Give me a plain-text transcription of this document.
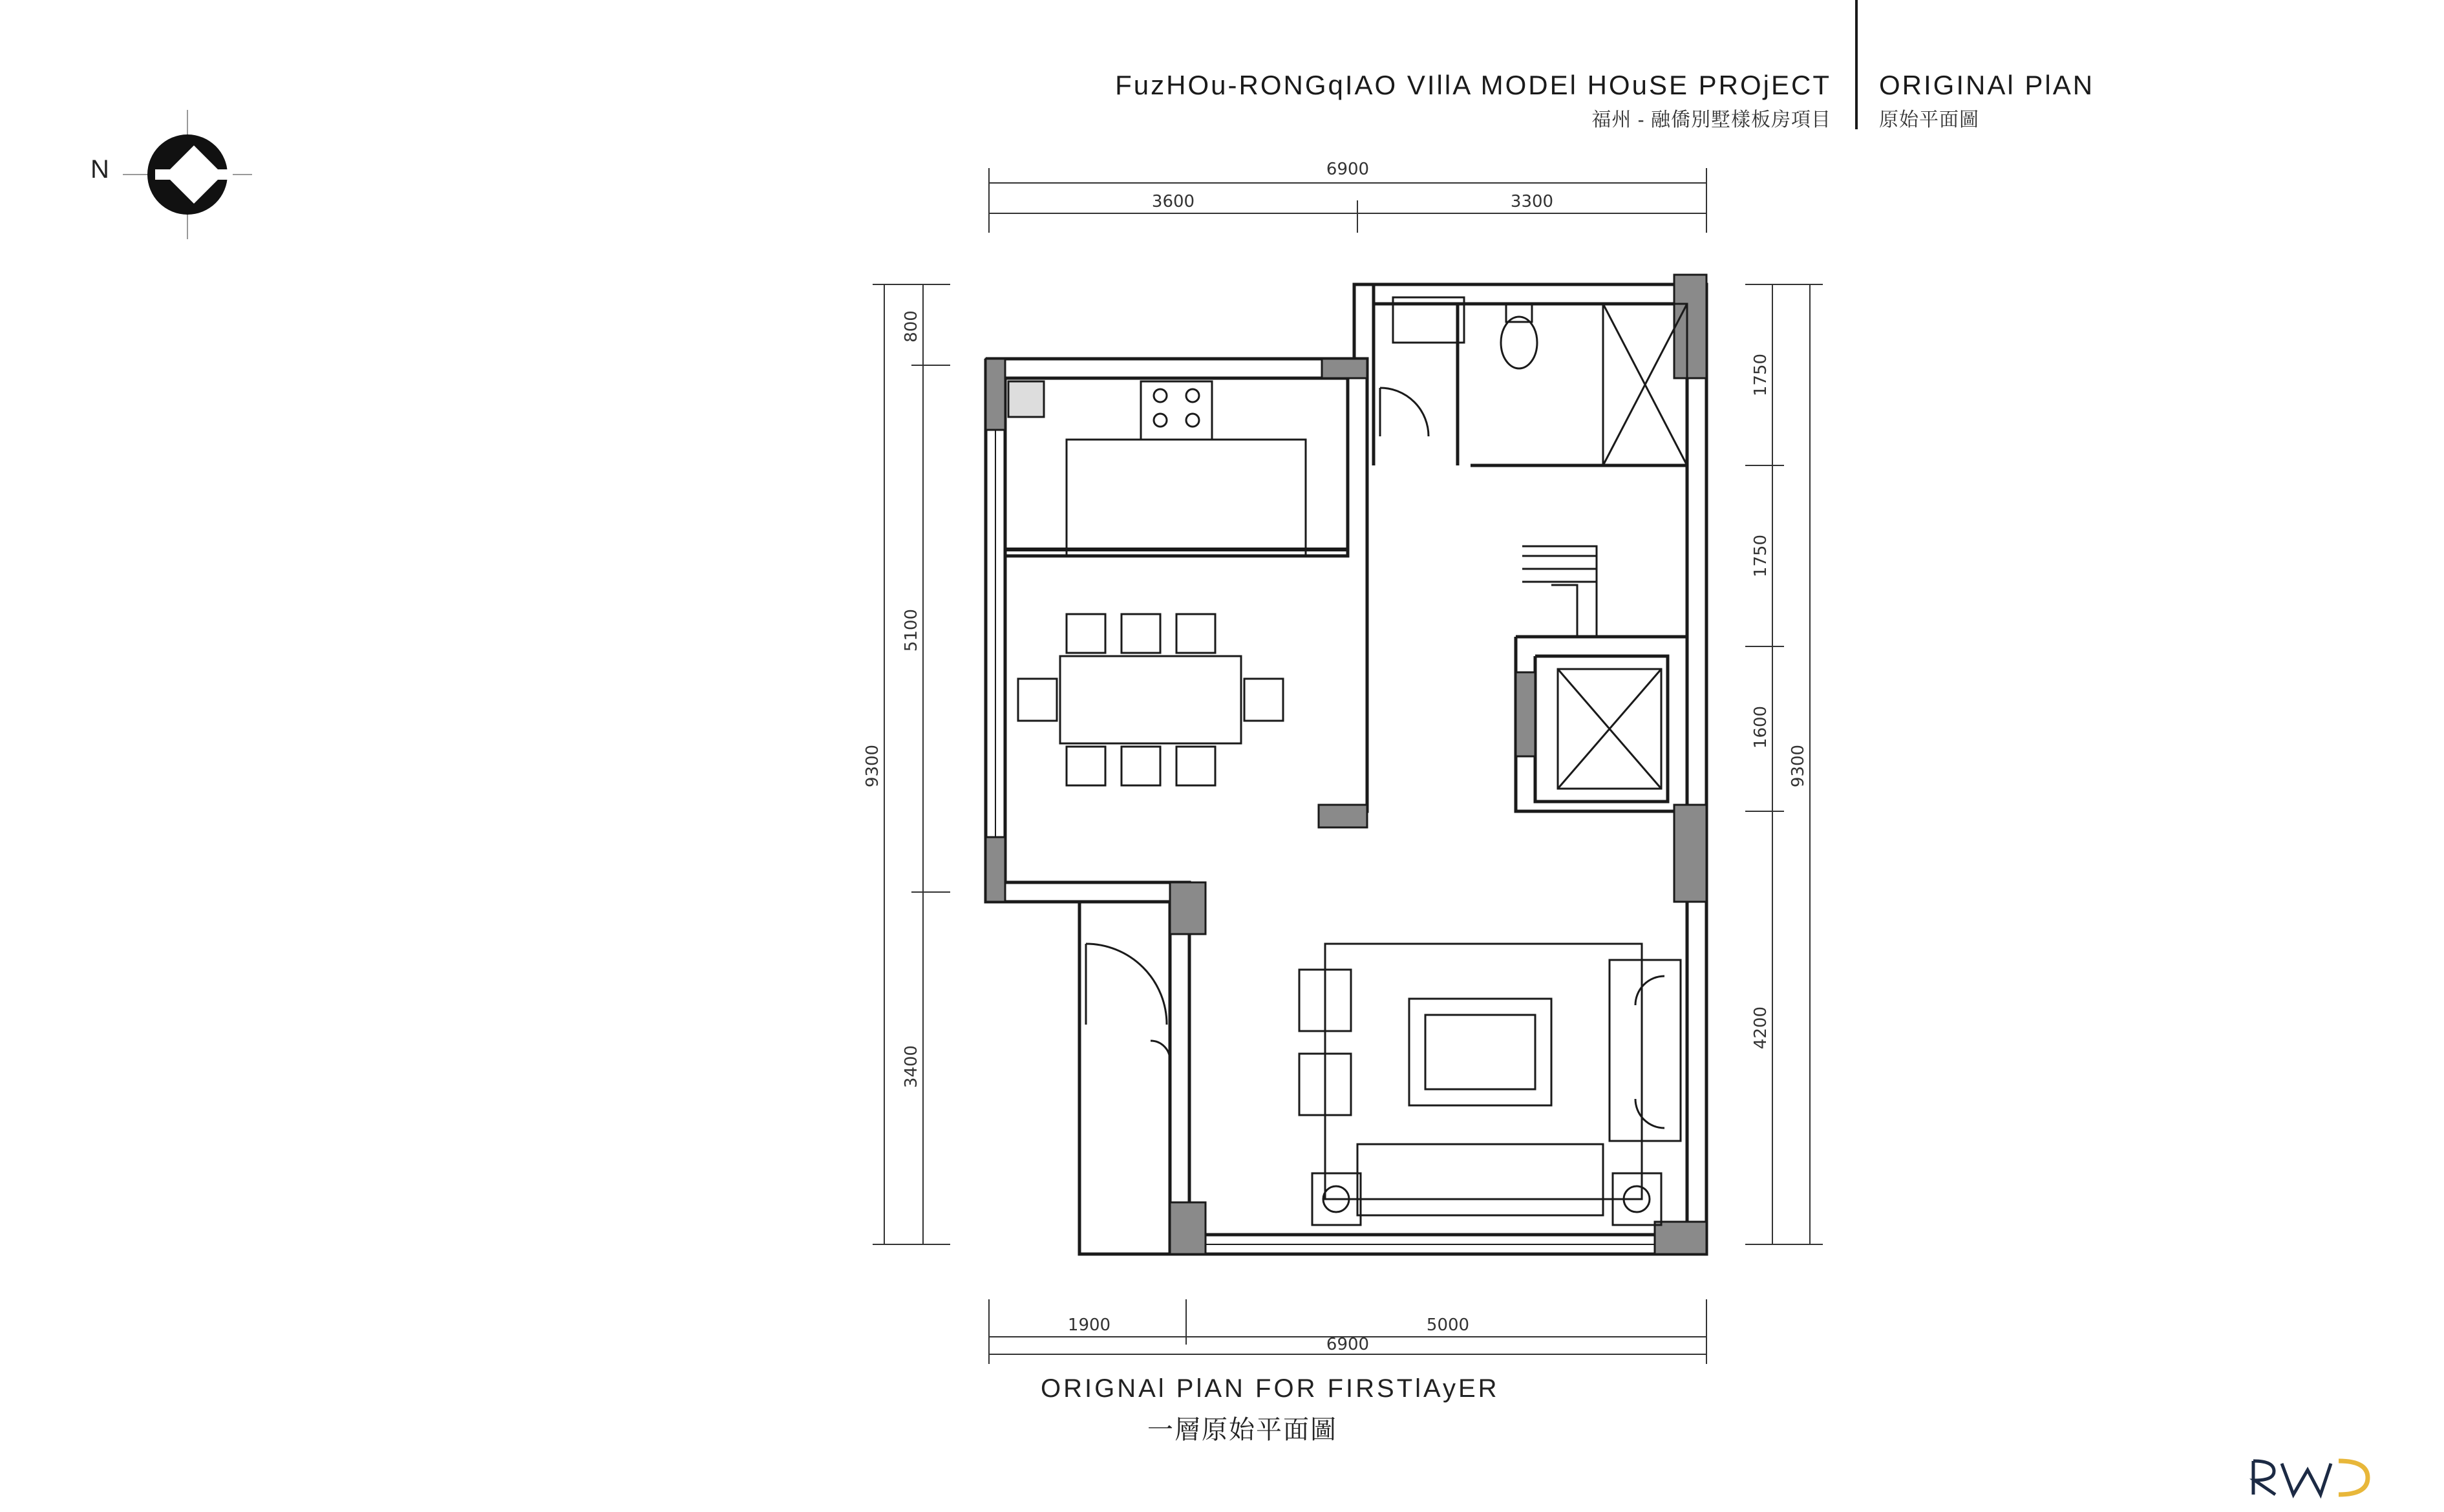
FuzHOu-RONGqIAO VIllA MODEl HOuSE PROjECT
福州 - 融僑別墅樣板房項目
ORIGINAl PlAN
原始平面圖
N	6900
3600	3300
1900	5000
6900
800
5100
3400
9300
1750
1750
1600
4200
9300
ORIGNAl PlAN FOR FIRSTlAyER
一層原始平面圖
